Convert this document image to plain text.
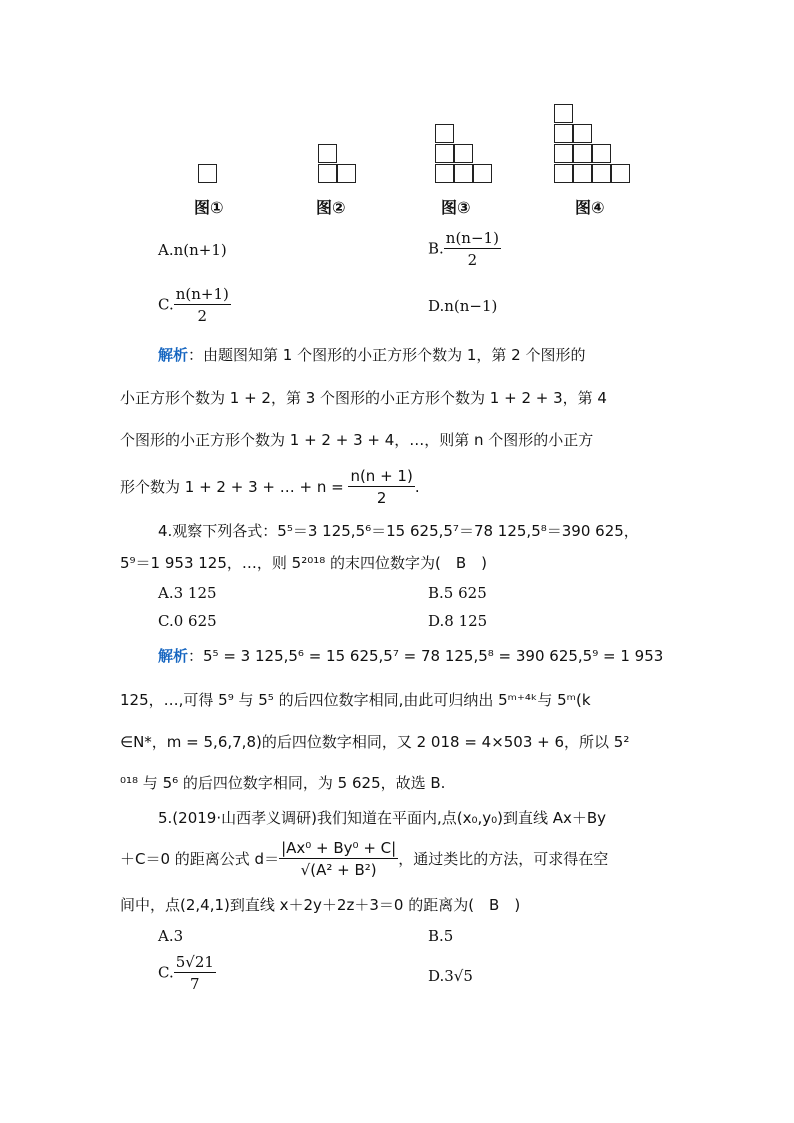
图①	图②	图③	图④
A.n(n+1)	B. $\frac{n(n-1)}{2}$
C. $\frac{n(n+1)}{2}$	D.n(n−1)
解析：由题图知第 1 个图形的小正方形个数为 1，第 2 个图形的
小正方形个数为 1 + 2，第 3 个图形的小正方形个数为 1 + 2 + 3，第 4
个图形的小正方形个数为 1 + 2 + 3 + 4，…，则第 n 个图形的小正方
形个数为 1 + 2 + 3 + … + $n = \frac{n(n + 1)}{2}$ .
4.观察下列各式：5⁵＝3 125,5⁶＝15 625,5⁷＝78 125,5⁸＝390 625，
5⁹＝1 953 125，…，则 5²⁰¹⁸ 的末四位数字为(　B　)
A.3 125	B.5 625
C.0 625	D.8 125
解析：5⁵ = 3 125,5⁶ = 15 625,5⁷ = 78 125,5⁸ = 390 625,5⁹ = 1 953
125，…,可得 5⁹ 与 5⁵ 的后四位数字相同,由此可归纳出 5ᵐ⁺⁴ᵏ与 5ᵐ(k
∈N*，m = 5,6,7,8)的后四位数字相同，又 2 018 = 4×503 + 6，所以 5²
⁰¹⁸ 与 5⁶ 的后四位数字相同，为 5 625，故选 B.
5.(2019·山西孝义调研)我们知道在平面内,点(x₀,y₀)到直线 Ax＋By
＋C＝0 的距离公式 $d= \frac{\text{|Ax⁰ + By⁰ + C|}}{\text{√(A² + B²)}}$ ，通过类比的方法，可求得在空
间中，点(2,4,1)到直线 x＋2y＋2z＋3＝0 的距离为(　B　)
A.3	B.5
C. $\frac{5√21}{7}$	D.3√5
